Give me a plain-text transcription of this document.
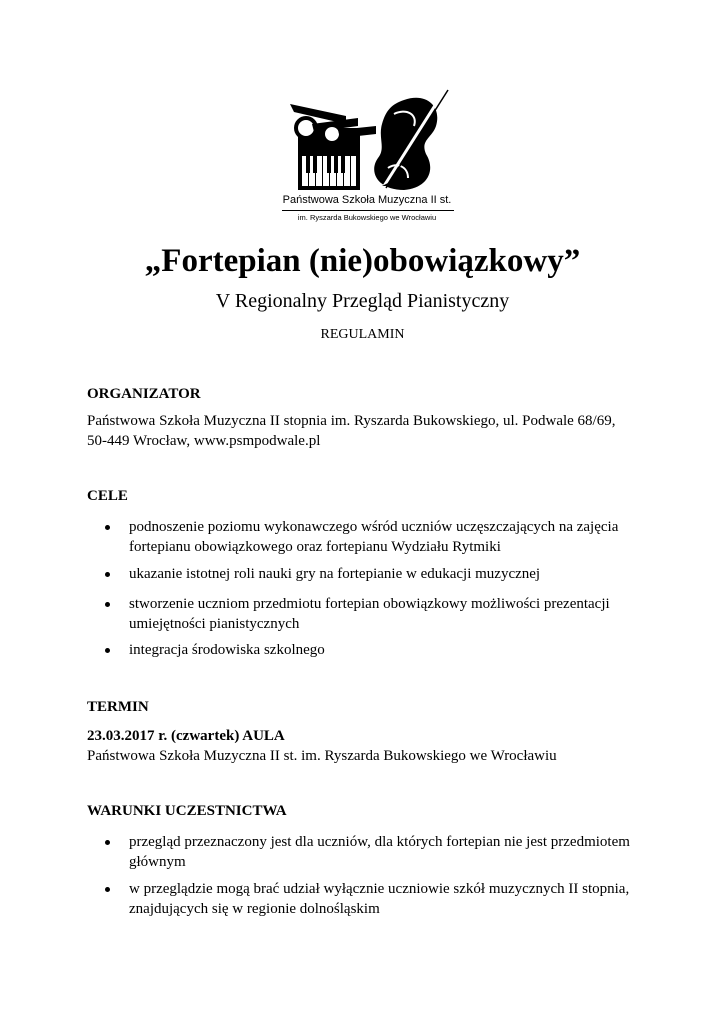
Państwowa Szkoła Muzyczna II st.
im. Ryszarda Bukowskiego we Wrocławiu
„Fortepian (nie)obowiązkowy”
V Regionalny Przegląd Pianistyczny
REGULAMIN
ORGANIZATOR
Państwowa Szkoła Muzyczna II stopnia im. Ryszarda Bukowskiego, ul. Podwale 68/69,
50-449 Wrocław, www.psmpodwale.pl
CELE
podnoszenie poziomu wykonawczego wśród uczniów uczęszczających na zajęcia
fortepianu obowiązkowego oraz fortepianu Wydziału Rytmiki
ukazanie istotnej roli nauki gry na fortepianie w edukacji muzycznej
stworzenie uczniom przedmiotu fortepian obowiązkowy możliwości prezentacji
umiejętności pianistycznych
integracja środowiska szkolnego
TERMIN
23.03.2017 r. (czwartek) AULA
Państwowa Szkoła Muzyczna II st. im. Ryszarda Bukowskiego we Wrocławiu
WARUNKI UCZESTNICTWA
przegląd przeznaczony jest dla uczniów, dla których fortepian nie jest przedmiotem
głównym
w przeglądzie mogą brać udział wyłącznie uczniowie szkół muzycznych II stopnia,
znajdujących się w regionie dolnośląskim
